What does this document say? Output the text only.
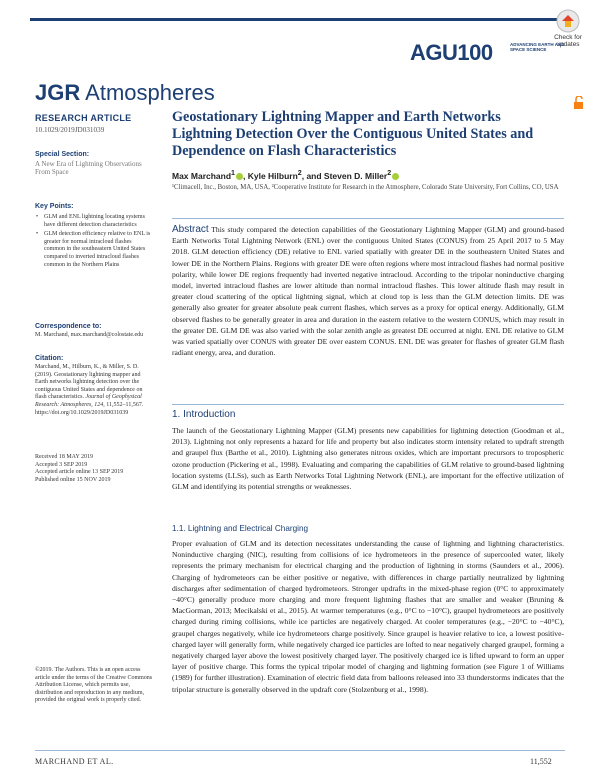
Check for updates
AGU100	ADVANCING EARTH AND SPACE SCIENCE
JGR Atmospheres
RESEARCH ARTICLE
10.1029/2019JD031039
Special Section:
A New Era of Lightning Observations From Space
Key Points:
• GLM and ENL lightning locating systems have different detection characteristics
• GLM detection efficiency relative to ENL is greater for normal intracloud flashes common in the southeastern United States compared to inverted intracloud flashes common in the Northern Plains
Correspondence to:
M. Marchand, max.marchand@colostate.edu
Citation:
Marchand, M., Hilburn, K., & Miller, S. D. (2019). Geostationary lightning mapper and Earth networks lightning detection over the contiguous United States and dependence on flash characteristics. Journal of Geophysical Research: Atmospheres, 124, 11,552–11,567. https://doi.org/10.1029/2019JD031039
Received 18 MAY 2019
Accepted 3 SEP 2019
Accepted article online 13 SEP 2019
Published online 15 NOV 2019
©2019. The Authors. This is an open access article under the terms of the Creative Commons Attribution License, which permits use, distribution and reproduction in any medium, provided the original work is properly cited.
Geostationary Lightning Mapper and Earth Networks Lightning Detection Over the Contiguous United States and Dependence on Flash Characteristics
Max Marchand$^1$ , Kyle Hilburn$^2$, and Steven D. Miller$^2$
¹Climacell, Inc., Boston, MA, USA, ²Cooperative Institute for Research in the Atmosphere, Colorado State University, Fort Collins, CO, USA
Abstract This study compared the detection capabilities of the Geostationary Lightning Mapper (GLM) and ground-based Earth Networks Total Lightning Network (ENL) over the contiguous United States (CONUS) from 25 April 2017 to 5 May 2018. GLM detection efficiency (DE) relative to ENL varied spatially with greater DE in the southeastern United States and lower DE in the Northern Plains. Regions with greater DE were often regions where most intracloud flashes had normal positive polarity, while lower DE regions frequently had inverted negative intracloud. According to the tripolar noninductive charging model, inverted intracloud flashes are lower altitude than normal intracloud flashes. This lower altitude flash may result in greater cloud scattering of the optical lightning signal, which at cloud top is less than the GLM detection limits. DE was generally also greater for greater absolute peak current flashes, which serves as a proxy for optical energy. Additionally, GLM observed flashes to be generally greater in area and duration in the eastern relative to the western CONUS, which may result in the greater DE. GLM DE was also varied with the solar zenith angle as greatest DE occurred at night. ENL DE relative to GLM was varied spatially over CONUS with greater DE over eastern CONUS. ENL DE was greater for flashes of greater GLM flash radiant energy, area, and duration.
1. Introduction
The launch of the Geostationary Lightning Mapper (GLM) presents new capabilities for lightning detection (Goodman et al., 2013). Lightning not only represents a hazard for life and property but also indicates storm intensity related to updraft strength and graupel flux (Barthe et al., 2010). Lightning also generates nitrous oxides, which are important precursors to tropospheric ozone production (Pickering et al., 1998). Evaluating and comparing the capabilities of GLM relative to ground-based lightning location systems (LLSs), such as Earth Networks Total Lightning Network (ENL), are important for the effective utilization of GLM and identifying its potential strengths or weaknesses.
1.1. Lightning and Electrical Charging
Proper evaluation of GLM and its detection necessitates understanding the cause of lightning and lightning characteristics. Noninductive charging (NIC), resulting from collisions of ice hydrometeors in the presence of supercooled water, likely represents the primary mechanism for electrical charging and the production of lightning in storms (Saunders et al., 2006). Charging of hydrometeors can be either positive or negative, with differences in charge partially neutralized by lightning discharges after sedimentation of charged hydrometeors. Stronger updrafts in the mixed-phase region (0°C to approximately −40°C) generally produce more charging and more frequent lightning flashes that are smaller and weaker (Bruning & MacGorman, 2013; Mecikalski et al., 2015). At warmer temperatures (e.g., 0°C to −10°C), graupel hydrometeors are positively charged during riming collisions, while ice particles are negatively charged. At cooler temperatures (e.g., −20°C to −40°C), graupel charges negatively, while ice hydrometeors charge positively. Since graupel is heavier relative to ice, a lowest positive-charged layer will generally form, while negatively charged ice particles are lofted to near negatively charged graupel, forming a negatively charged layer above the lowest positively charged layer. The positively charged ice is lifted upward to form an upper layer of positive charge. This forms the typical tripolar model of charging and lightning formation (see Figure 1 of Williams (1989) for further illustration). Examination of electric field data from balloons released into 33 thunderstorms indicates that the tripolar structure is generally observed in the updraft core (Stolzenburg et al., 1998).
MARCHAND ET AL.	11,552
